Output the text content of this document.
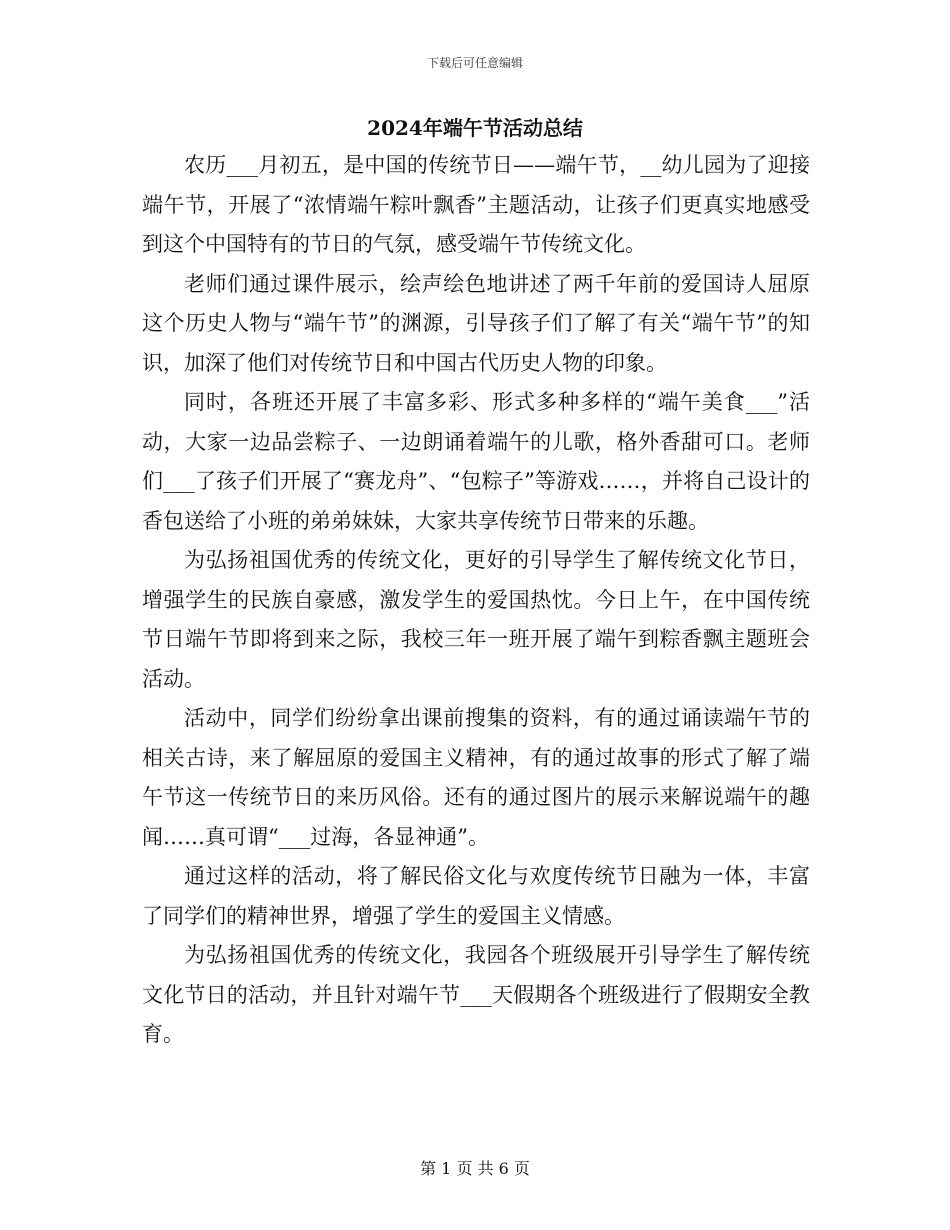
下载后可任意编辑
2024年端午节活动总结

农历___月初五，是中国的传统节日——端午节，__幼儿园为了迎接端午节，开展了“浓情端午粽叶飘香”主题活动，让孩子们更真实地感受到这个中国特有的节日的气氛，感受端午节传统文化。

老师们通过课件展示，绘声绘色地讲述了两千年前的爱国诗人屈原这个历史人物与“端午节”的渊源，引导孩子们了解了有关“端午节”的知识，加深了他们对传统节日和中国古代历史人物的印象。

同时，各班还开展了丰富多彩、形式多种多样的“端午美食___”活动，大家一边品尝粽子、一边朗诵着端午的儿歌，格外香甜可口。老师们___了孩子们开展了“赛龙舟”、“包粽子”等游戏……，并将自己设计的香包送给了小班的弟弟妹妹，大家共享传统节日带来的乐趣。

为弘扬祖国优秀的传统文化，更好的引导学生了解传统文化节日，增强学生的民族自豪感，激发学生的爱国热忱。今日上午，在中国传统节日端午节即将到来之际，我校三年一班开展了端午到粽香飘主题班会活动。

活动中，同学们纷纷拿出课前搜集的资料，有的通过诵读端午节的相关古诗，来了解屈原的爱国主义精神，有的通过故事的形式了解了端午节这一传统节日的来历风俗。还有的通过图片的展示来解说端午的趣闻……真可谓“___过海，各显神通”。

通过这样的活动，将了解民俗文化与欢度传统节日融为一体，丰富了同学们的精神世界，增强了学生的爱国主义情感。

为弘扬祖国优秀的传统文化，我园各个班级展开引导学生了解传统文化节日的活动，并且针对端午节___天假期各个班级进行了假期安全教育。

第 1 页 共 6 页
